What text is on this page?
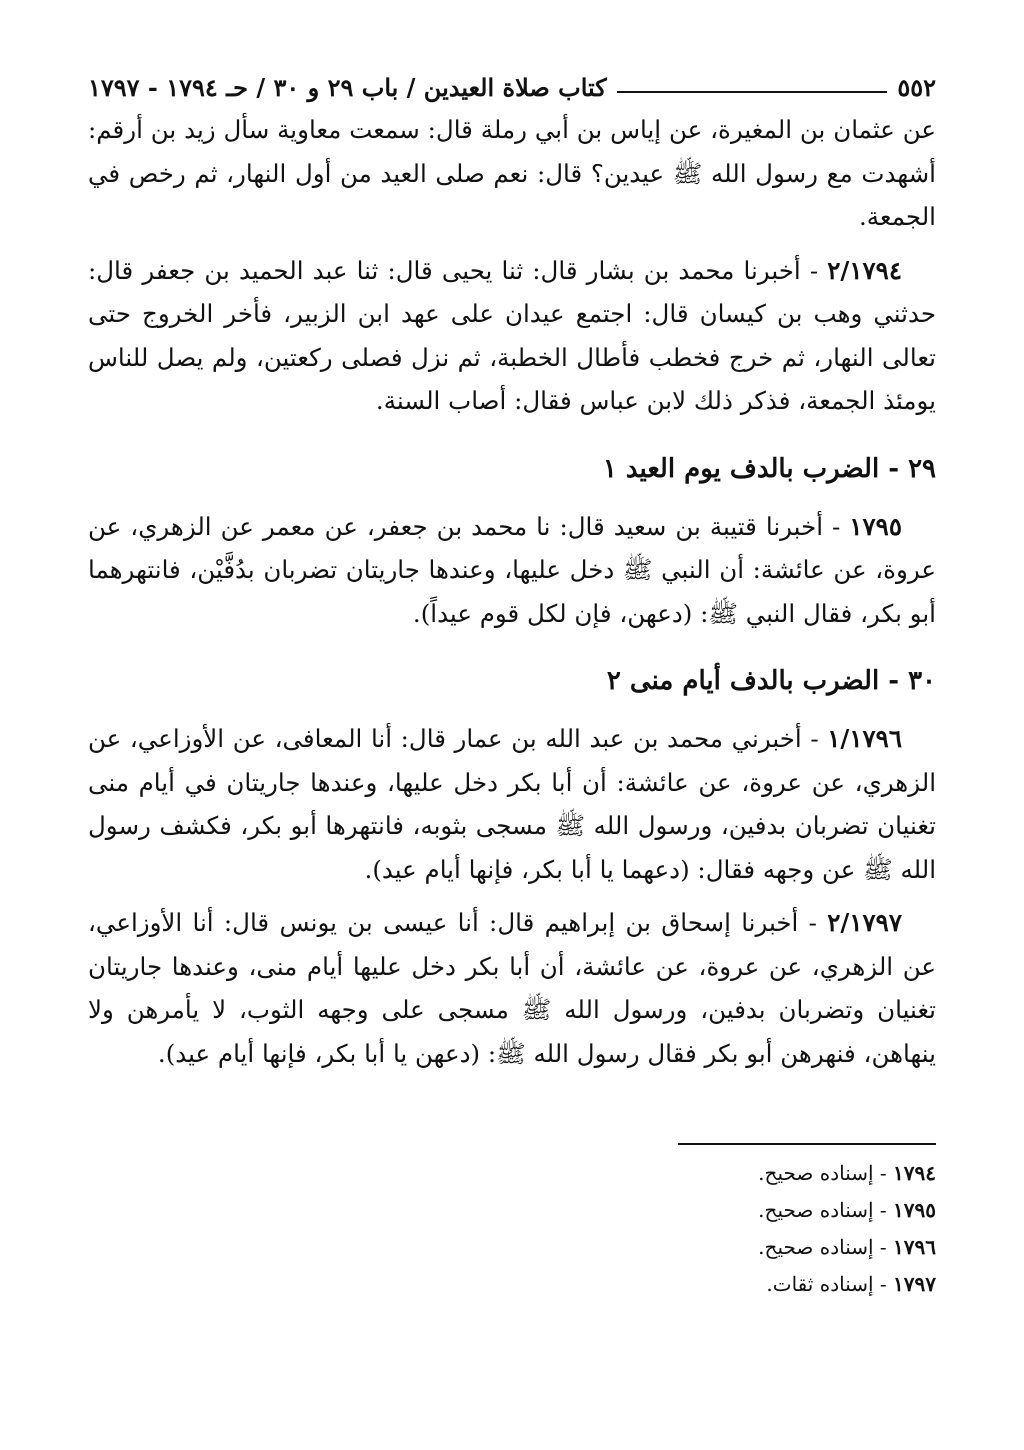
٥٥٢
كتاب صلاة العيدين / باب ٢٩ و ٣٠ / حـ ١٧٩٤ - ١٧٩٧

عن عثمان بن المغيرة، عن إياس بن أبي رملة قال: سمعت معاوية سأل زيد بن أرقم: أشهدت مع رسول الله ﷺ عيدين؟ قال: نعم صلى العيد من أول النهار، ثم رخص في الجمعة.

٢/١٧٩٤ - أخبرنا محمد بن بشار قال: ثنا يحيى قال: ثنا عبد الحميد بن جعفر قال: حدثني وهب بن كيسان قال: اجتمع عيدان على عهد ابن الزبير، فأخر الخروج حتى تعالى النهار، ثم خرج فخطب فأطال الخطبة، ثم نزل فصلى ركعتين، ولم يصل للناس يومئذ الجمعة، فذكر ذلك لابن عباس فقال: أصاب السنة.

٢٩ - الضرب بالدف يوم العيد ١

١٧٩٥ - أخبرنا قتيبة بن سعيد قال: نا محمد بن جعفر، عن معمر عن الزهري، عن عروة، عن عائشة: أن النبي ﷺ دخل عليها، وعندها جاريتان تضربان بدُفَّيْن، فانتهرهما أبو بكر، فقال النبي ﷺ: (دعهن، فإن لكل قوم عيداً).

٣٠ - الضرب بالدف أيام منى ٢

١/١٧٩٦ - أخبرني محمد بن عبد الله بن عمار قال: أنا المعافى، عن الأوزاعي، عن الزهري، عن عروة، عن عائشة: أن أبا بكر دخل عليها، وعندها جاريتان في أيام منى تغنيان تضربان بدفين، ورسول الله ﷺ مسجى بثوبه، فانتهرها أبو بكر، فكشف رسول الله ﷺ عن وجهه فقال: (دعهما يا أبا بكر، فإنها أيام عيد).

٢/١٧٩٧ - أخبرنا إسحاق بن إبراهيم قال: أنا عيسى بن يونس قال: أنا الأوزاعي، عن الزهري، عن عروة، عن عائشة، أن أبا بكر دخل عليها أيام منى، وعندها جاريتان تغنيان وتضربان بدفين، ورسول الله ﷺ مسجى على وجهه الثوب، لا يأمرهن ولا ينهاهن، فنهرهن أبو بكر فقال رسول الله ﷺ: (دعهن يا أبا بكر، فإنها أيام عيد).

١٧٩٤ - إسناده صحيح.
١٧٩٥ - إسناده صحيح.
١٧٩٦ - إسناده صحيح.
١٧٩٧ - إسناده ثقات.
